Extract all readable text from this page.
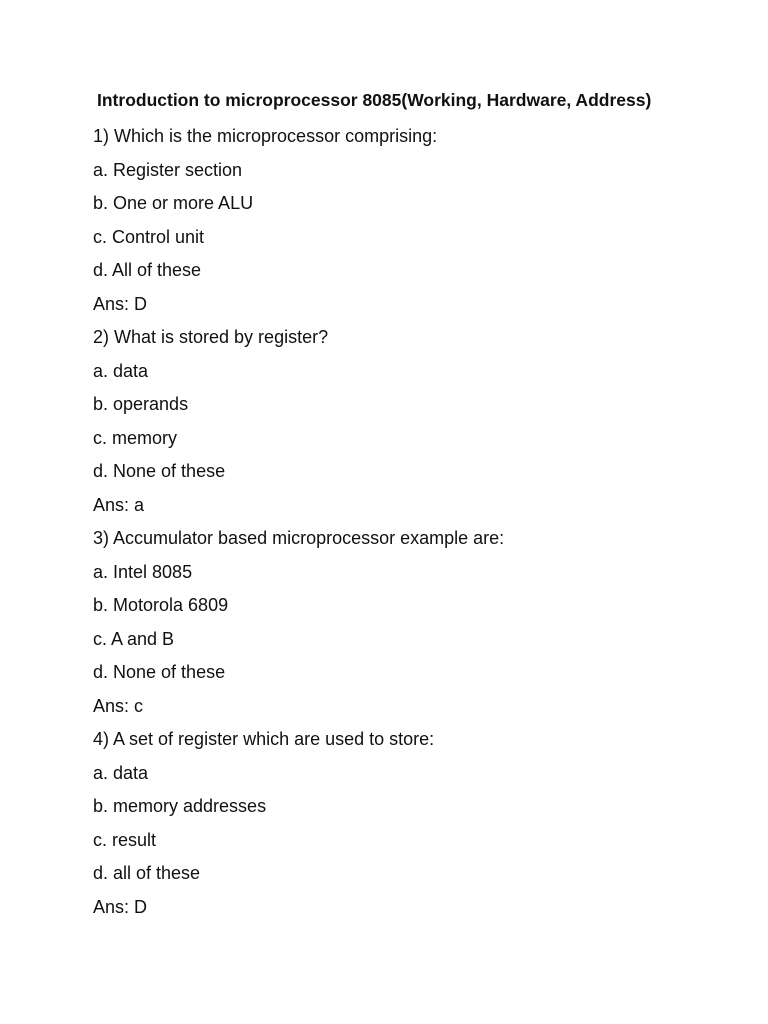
Introduction to microprocessor 8085(Working, Hardware, Address)

1) Which is the microprocessor comprising:

a. Register section

b. One or more ALU

c. Control unit

d. All of these

Ans: D

2) What is stored by register?

a. data

b. operands

c. memory

d. None of these

Ans: a

3) Accumulator based microprocessor example are:

a. Intel 8085

b. Motorola 6809

c. A and B

d. None of these

Ans: c

4) A set of register which are used to store:

a. data

b. memory addresses

c. result

d. all of these

Ans: D
